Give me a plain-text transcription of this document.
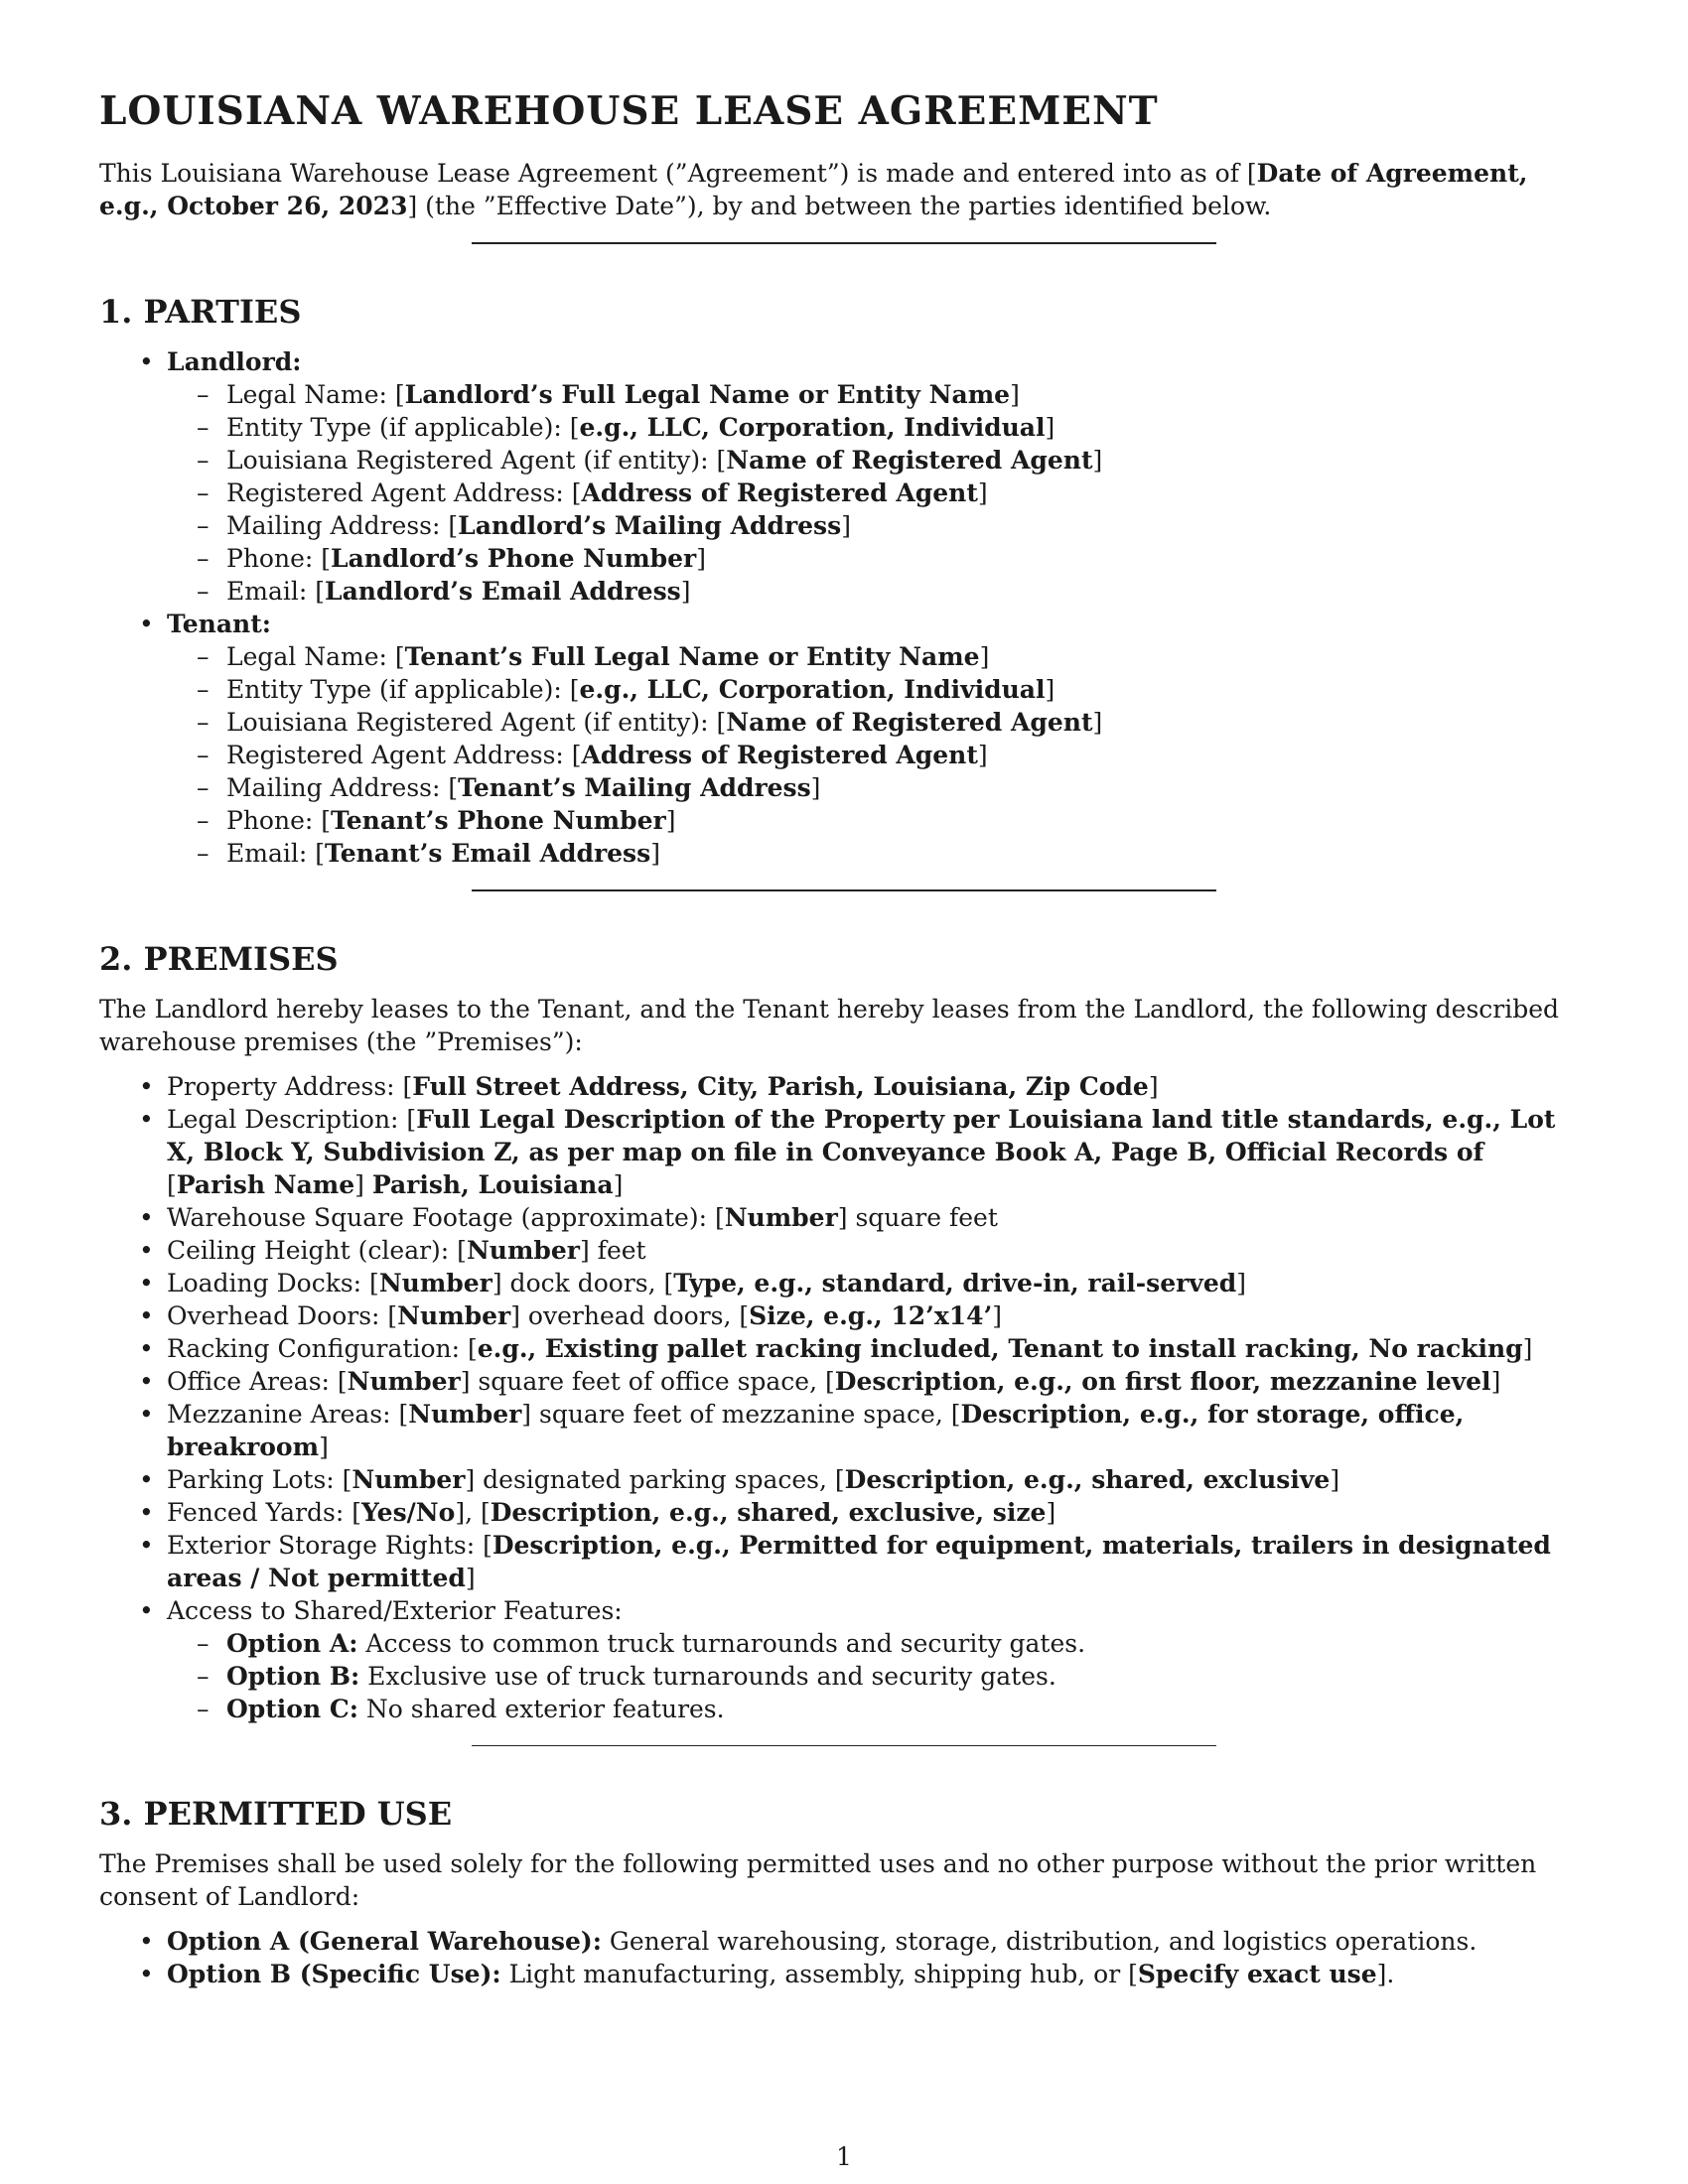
LOUISIANA WAREHOUSE LEASE AGREEMENT

This Louisiana Warehouse Lease Agreement (”Agreement”) is made and entered into as of [Date of Agreement, e.g., October 26, 2023] (the ”Effective Date”), by and between the parties identified below.

1. PARTIES
• Landlord:
– Legal Name: [Landlord’s Full Legal Name or Entity Name]
– Entity Type (if applicable): [e.g., LLC, Corporation, Individual]
– Louisiana Registered Agent (if entity): [Name of Registered Agent]
– Registered Agent Address: [Address of Registered Agent]
– Mailing Address: [Landlord’s Mailing Address]
– Phone: [Landlord’s Phone Number]
– Email: [Landlord’s Email Address]
• Tenant:
– Legal Name: [Tenant’s Full Legal Name or Entity Name]
– Entity Type (if applicable): [e.g., LLC, Corporation, Individual]
– Louisiana Registered Agent (if entity): [Name of Registered Agent]
– Registered Agent Address: [Address of Registered Agent]
– Mailing Address: [Tenant’s Mailing Address]
– Phone: [Tenant’s Phone Number]
– Email: [Tenant’s Email Address]
2. PREMISES

The Landlord hereby leases to the Tenant, and the Tenant hereby leases from the Landlord, the following described warehouse premises (the ”Premises”):

• Property Address: [Full Street Address, City, Parish, Louisiana, Zip Code]
• Legal Description: [Full Legal Description of the Property per Louisiana land title standards, e.g., Lot X, Block Y, Subdivision Z, as per map on file in Conveyance Book A, Page B, Official Records of [Parish Name] Parish, Louisiana]
• Warehouse Square Footage (approximate): [Number] square feet
• Ceiling Height (clear): [Number] feet
• Loading Docks: [Number] dock doors, [Type, e.g., standard, drive-in, rail-served]
• Overhead Doors: [Number] overhead doors, [Size, e.g., 12’x14’]
• Racking Configuration: [e.g., Existing pallet racking included, Tenant to install racking, No racking]
• Office Areas: [Number] square feet of office space, [Description, e.g., on first floor, mezzanine level]
• Mezzanine Areas: [Number] square feet of mezzanine space, [Description, e.g., for storage, office, breakroom]
• Parking Lots: [Number] designated parking spaces, [Description, e.g., shared, exclusive]
• Fenced Yards: [Yes/No], [Description, e.g., shared, exclusive, size]
• Exterior Storage Rights: [Description, e.g., Permitted for equipment, materials, trailers in designated areas / Not permitted]
• Access to Shared/Exterior Features:
– Option A: Access to common truck turnarounds and security gates.
– Option B: Exclusive use of truck turnarounds and security gates.
– Option C: No shared exterior features.
3. PERMITTED USE

The Premises shall be used solely for the following permitted uses and no other purpose without the prior written consent of Landlord:

• Option A (General Warehouse): General warehousing, storage, distribution, and logistics operations.
• Option B (Specific Use): Light manufacturing, assembly, shipping hub, or [Specify exact use].
1
